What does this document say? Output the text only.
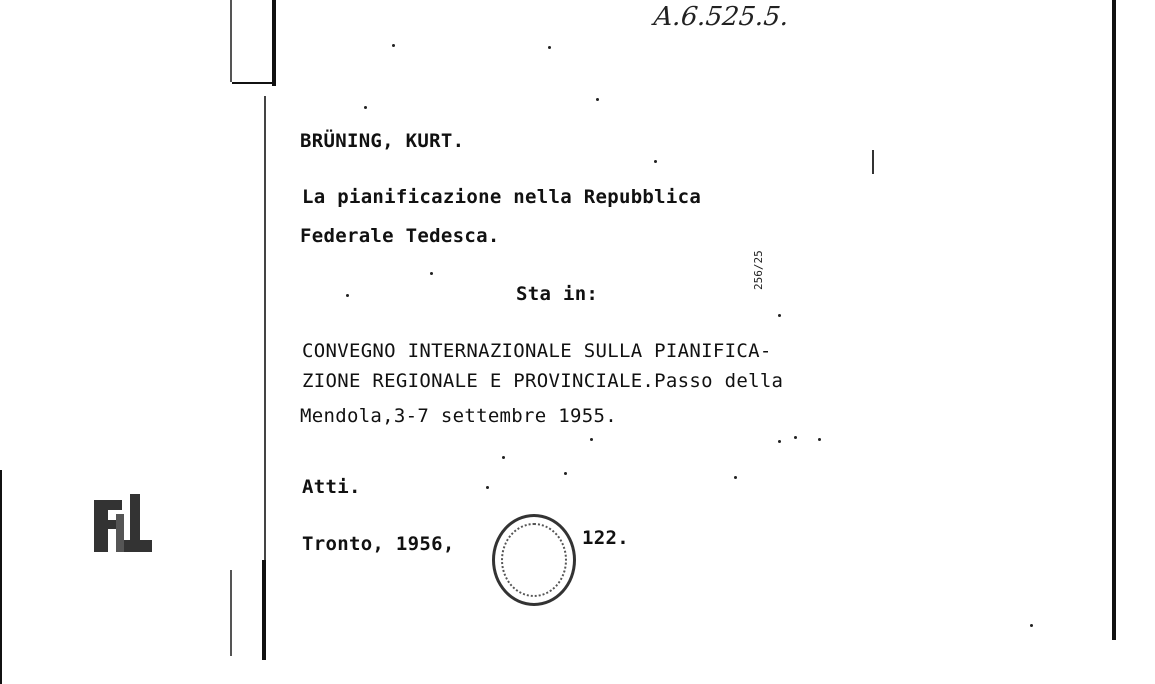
A.6.525.5.
BRÜNING, KURT.
La pianificazione nella Repubblica
Federale Tedesca.
Sta in:
CONVEGNO INTERNAZIONALE SULLA PIANIFICA-
ZIONE REGIONALE E PROVINCIALE.Passo della
Mendola,3-7 settembre 1955.
Atti.
Tronto, 1956,	122.
256/25
